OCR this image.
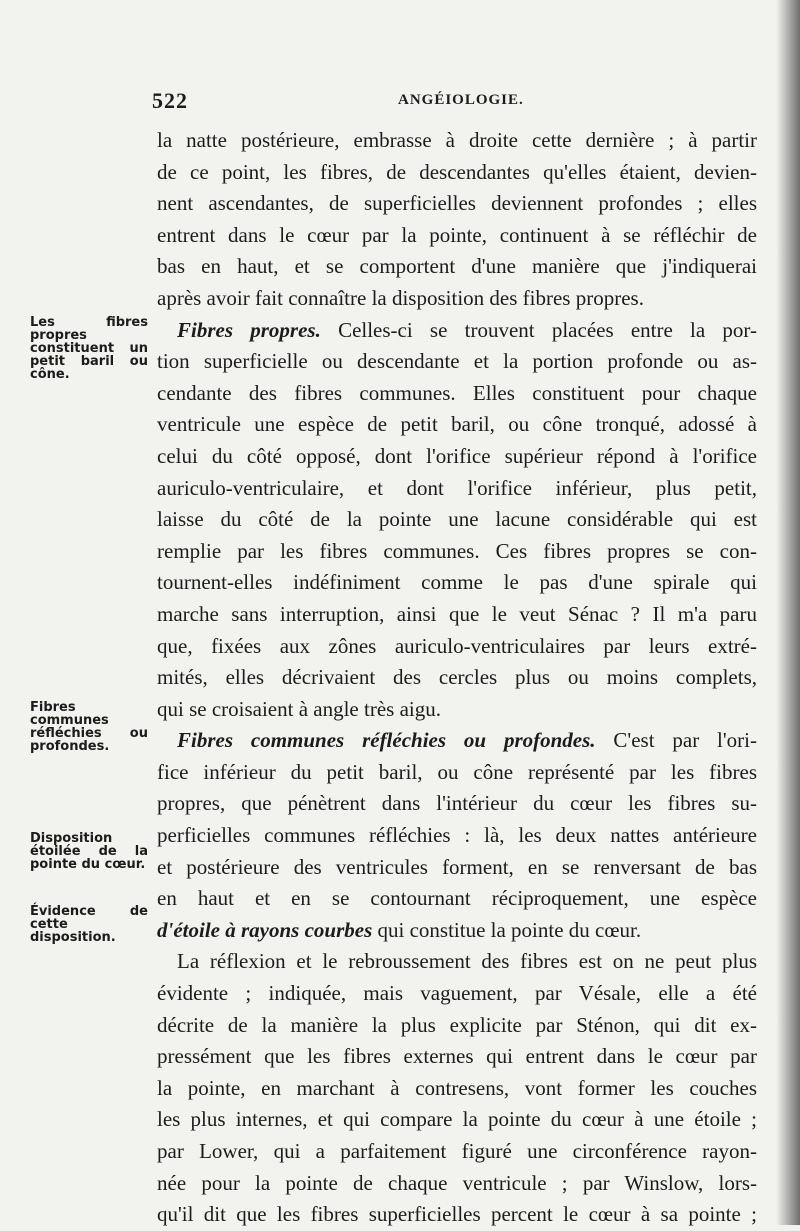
522	ANGÉIOLOGIE.
Les fibres propres constituent un petit baril ou cône.
Fibres communes réfléchies ou profondes.
Disposition étoilée de la pointe du cœur.
Évidence de cette disposition.
la natte postérieure, embrasse à droite cette dernière ; à partir
de ce point, les fibres, de descendantes qu'elles étaient, devien-
nent ascendantes, de superficielles deviennent profondes ; elles
entrent dans le cœur par la pointe, continuent à se réfléchir de
bas en haut, et se comportent d'une manière que j'indiquerai
après avoir fait connaître la disposition des fibres propres.
Fibres propres. Celles-ci se trouvent placées entre la por-
tion superficielle ou descendante et la portion profonde ou as-
cendante des fibres communes. Elles constituent pour chaque
ventricule une espèce de petit baril, ou cône tronqué, adossé à
celui du côté opposé, dont l'orifice supérieur répond à l'orifice
auriculo-ventriculaire, et dont l'orifice inférieur, plus petit,
laisse du côté de la pointe une lacune considérable qui est
remplie par les fibres communes. Ces fibres propres se con-
tournent-elles indéfiniment comme le pas d'une spirale qui
marche sans interruption, ainsi que le veut Sénac ? Il m'a paru
que, fixées aux zônes auriculo-ventriculaires par leurs extré-
mités, elles décrivaient des cercles plus ou moins complets,
qui se croisaient à angle très aigu.
Fibres communes réfléchies ou profondes. C'est par l'ori-
fice inférieur du petit baril, ou cône représenté par les fibres
propres, que pénètrent dans l'intérieur du cœur les fibres su-
perficielles communes réfléchies : là, les deux nattes antérieure
et postérieure des ventricules forment, en se renversant de bas
en haut et en se contournant réciproquement, une espèce
d'étoile à rayons courbes qui constitue la pointe du cœur.
La réflexion et le rebroussement des fibres est on ne peut plus
évidente ; indiquée, mais vaguement, par Vésale, elle a été
décrite de la manière la plus explicite par Sténon, qui dit ex-
pressément que les fibres externes qui entrent dans le cœur par
la pointe, en marchant à contresens, vont former les couches
les plus internes, et qui compare la pointe du cœur à une étoile ;
par Lower, qui a parfaitement figuré une circonférence rayon-
née pour la pointe de chaque ventricule ; par Winslow, lors-
qu'il dit que les fibres superficielles percent le cœur à sa pointe ;
